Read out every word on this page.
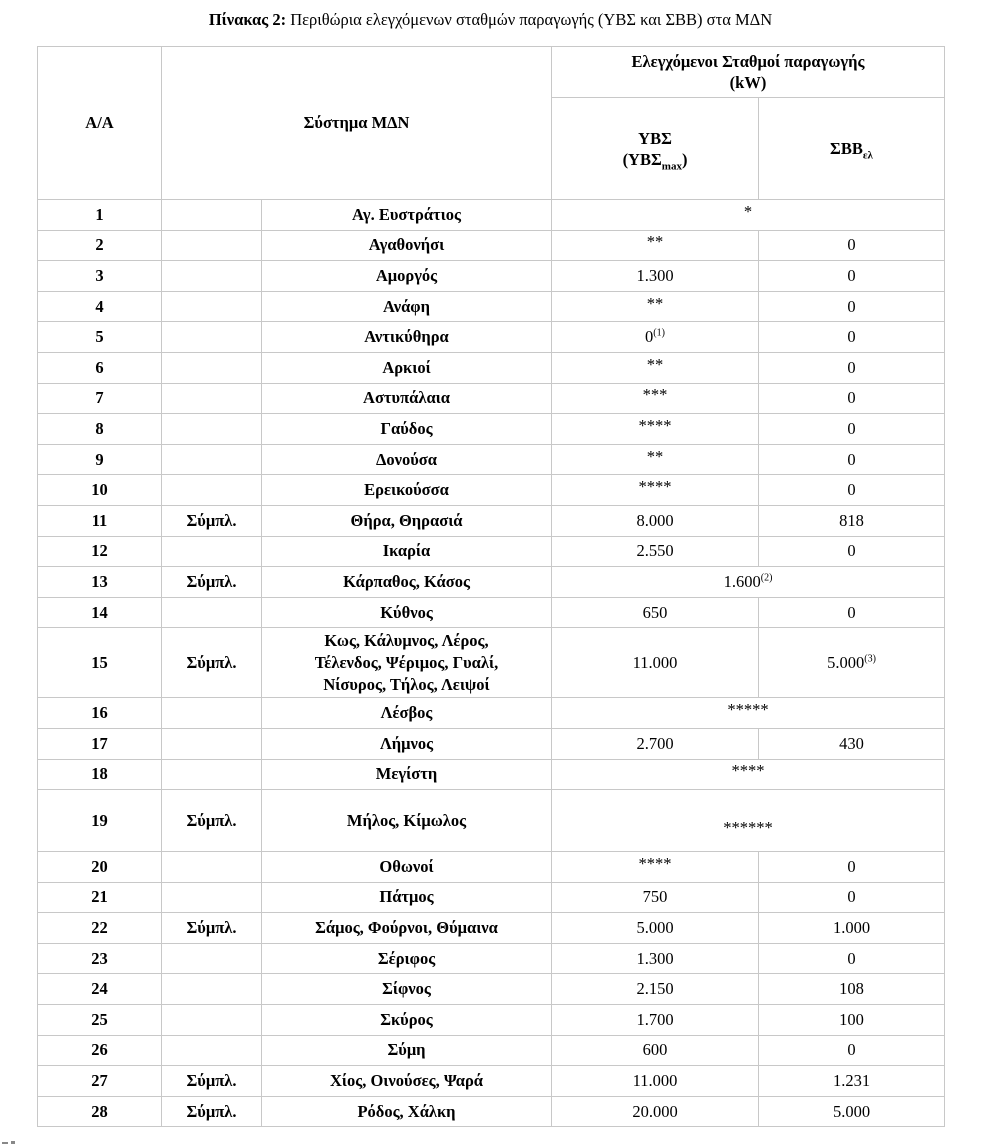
Πίνακας 2: Περιθώρια ελεγχόμενων σταθμών παραγωγής (ΥΒΣ και ΣΒΒ) στα ΜΔΝ
Α/Α	Σύστημα ΜΔΝ		Ελεγχόμενοι Σταθμοί παραγωγής
(kW)	
			ΥΒΣ
$(\Upsilon B\Sigma_{max})$	$\Sigma BB_{\varepsilon\lambda}$
1		Αγ. Ευστράτιος	*	
2		Αγαθονήσι	**	0
3		Αμοργός	1.300	0
4		Ανάφη	**	0
5		Αντικύθηρα	0$^{(1)}$	0
6		Αρκιοί	**	0
7		Αστυπάλαια	***	0
8		Γαύδος	****	0
9		Δονούσα	**	0
10		Ερεικούσσα	****	0
11	Σύμπλ.	Θήρα, Θηρασιά	8.000	818
12		Ικαρία	2.550	0
13	Σύμπλ.	Κάρπαθος, Κάσος	1.600$^{(2)}$
14		Κύθνος	650	0
15	Σύμπλ.	Κως, Κάλυμνος, Λέρος,
Τέλενδος, Ψέριμος, Γυαλί,
Νίσυρος, Τήλος, Λειψοί	11.000	5.000$^{(3)}$
16		Λέσβος	*****	
17		Λήμνος	2.700	430
18		Μεγίστη	****	
19	Σύμπλ.	Μήλος, Κίμωλος	******	
20		Οθωνοί	****	0
21		Πάτμος	750	0
22	Σύμπλ.	Σάμος, Φούρνοι, Θύμαινα	5.000	1.000
23		Σέριφος	1.300	0
24		Σίφνος	2.150	108
25		Σκύρος	1.700	100
26		Σύμη	600	0
27	Σύμπλ.	Χίος, Οινούσες, Ψαρά	11.000	1.231
28	Σύμπλ.	Ρόδος, Χάλκη	20.000	5.000
